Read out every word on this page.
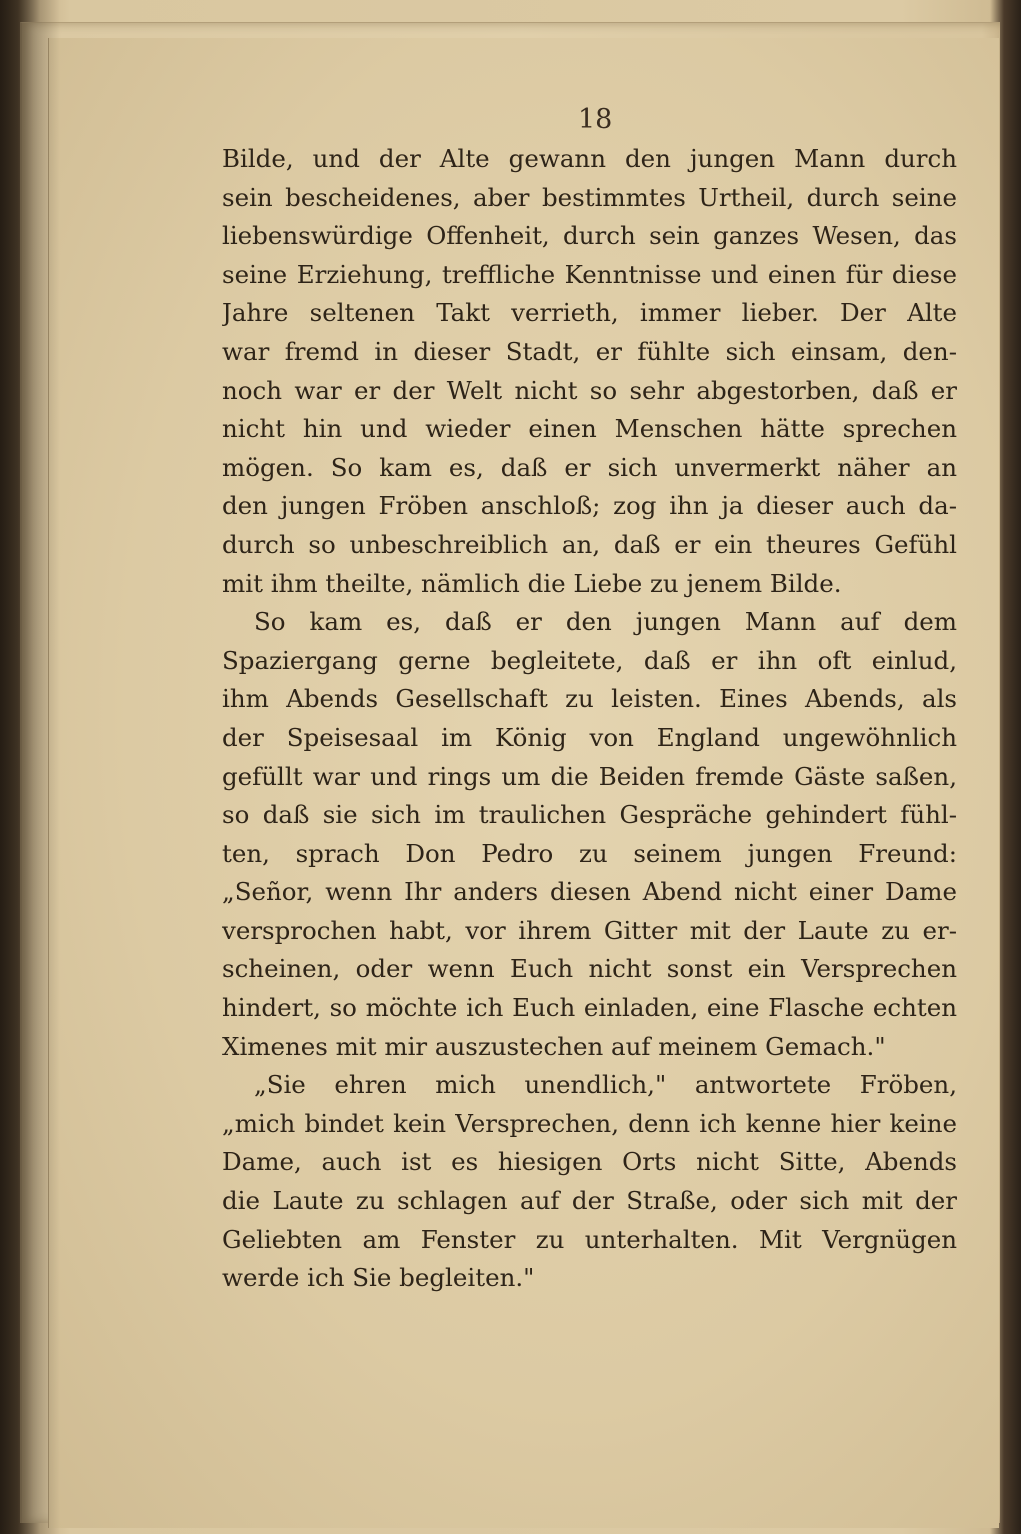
18
Bilde, und der Alte gewann den jungen Mann durch
sein bescheidenes, aber bestimmtes Urtheil, durch seine
liebenswürdige Offenheit, durch sein ganzes Wesen, das
seine Erziehung, treffliche Kenntnisse und einen für diese
Jahre seltenen Takt verrieth, immer lieber. Der Alte
war fremd in dieser Stadt, er fühlte sich einsam, den-
noch war er der Welt nicht so sehr abgestorben, daß er
nicht hin und wieder einen Menschen hätte sprechen
mögen. So kam es, daß er sich unvermerkt näher an
den jungen Fröben anschloß; zog ihn ja dieser auch da-
durch so unbeschreiblich an, daß er ein theures Gefühl
mit ihm theilte, nämlich die Liebe zu jenem Bilde.
So kam es, daß er den jungen Mann auf dem
Spaziergang gerne begleitete, daß er ihn oft einlud,
ihm Abends Gesellschaft zu leisten. Eines Abends, als
der Speisesaal im König von England ungewöhnlich
gefüllt war und rings um die Beiden fremde Gäste saßen,
so daß sie sich im traulichen Gespräche gehindert fühl-
ten, sprach Don Pedro zu seinem jungen Freund:
„Señor, wenn Ihr anders diesen Abend nicht einer Dame
versprochen habt, vor ihrem Gitter mit der Laute zu er-
scheinen, oder wenn Euch nicht sonst ein Versprechen
hindert, so möchte ich Euch einladen, eine Flasche echten
Ximenes mit mir auszustechen auf meinem Gemach."
„Sie ehren mich unendlich," antwortete Fröben,
„mich bindet kein Versprechen, denn ich kenne hier keine
Dame, auch ist es hiesigen Orts nicht Sitte, Abends
die Laute zu schlagen auf der Straße, oder sich mit der
Geliebten am Fenster zu unterhalten. Mit Vergnügen
werde ich Sie begleiten."
